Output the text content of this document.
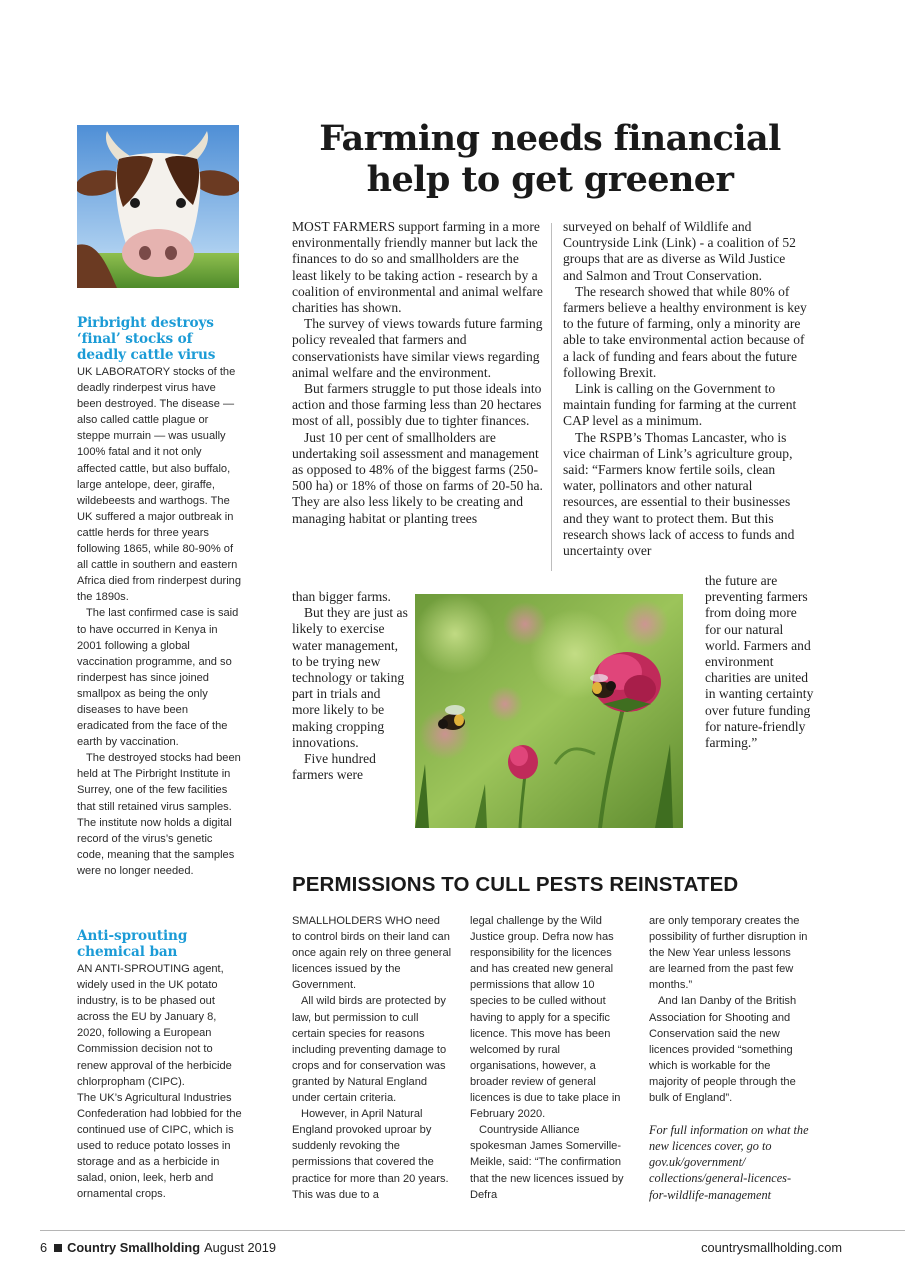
Pirbright destroys ‘final’ stocks of deadly cattle virus

UK LABORATORY stocks of the deadly rinderpest virus have been destroyed. The disease — also called cattle plague or steppe murrain — was usually 100% fatal and it not only affected cattle, but also buffalo, large antelope, deer, giraffe, wildebeests and warthogs. The UK suffered a major outbreak in cattle herds for three years following 1865, while 80-90% of all cattle in southern and eastern Africa died from rinderpest during the 1890s.

The last confirmed case is said to have occurred in Kenya in 2001 following a global vaccination programme, and so rinderpest has since joined smallpox as being the only diseases to have been eradicated from the face of the earth by vaccination.

The destroyed stocks had been held at The Pirbright Institute in Surrey, one of the few facilities that still retained virus samples. The institute now holds a digital record of the virus’s genetic code, meaning that the samples were no longer needed.

Anti-sprouting chemical ban

AN ANTI-SPROUTING agent, widely used in the UK potato industry, is to be phased out across the EU by January 8, 2020, following a European Commission decision not to renew approval of the herbicide chlorpropham (CIPC).

The UK’s Agricultural Industries Confederation had lobbied for the continued use of CIPC, which is used to reduce potato losses in storage and as a herbicide in salad, onion, leek, herb and ornamental crops.

Farming needs financial help to get greener

MOST FARMERS support farming in a more environmentally friendly manner but lack the finances to do so and smallholders are the least likely to be taking action - research by a coalition of environmental and animal welfare charities has shown.

The survey of views towards future farming policy revealed that farmers and conservationists have similar views regarding animal welfare and the environment.

But farmers struggle to put those ideals into action and those farming less than 20 hectares most of all, possibly due to tighter finances.

Just 10 per cent of smallholders are undertaking soil assessment and management as opposed to 48% of the biggest farms (250-500 ha) or 18% of those on farms of 20-50 ha. They are also less likely to be creating and managing habitat or planting trees

than bigger farms.

But they are just as likely to exercise water management, to be trying new technology or taking part in trials and more likely to be making cropping innovations.

Five hundred farmers were

surveyed on behalf of Wildlife and Countryside Link (Link) - a coalition of 52 groups that are as diverse as Wild Justice and Salmon and Trout Conservation.

The research showed that while 80% of farmers believe a healthy environment is key to the future of farming, only a minority are able to take environmental action because of a lack of funding and fears about the future following Brexit.

Link is calling on the Government to maintain funding for farming at the current CAP level as a minimum.

The RSPB’s Thomas Lancaster, who is vice chairman of Link’s agriculture group, said: “Farmers know fertile soils, clean water, pollinators and other natural resources, are essential to their businesses and they want to protect them. But this research shows lack of access to funds and uncertainty over

the future are preventing farmers from doing more for our natural world. Farmers and environment charities are united in wanting certainty over future funding for nature-friendly farming.”

PERMISSIONS TO CULL PESTS REINSTATED

SMALLHOLDERS WHO need to control birds on their land can once again rely on three general licences issued by the Government.

All wild birds are protected by law, but permission to cull certain species for reasons including preventing damage to crops and for conservation was granted by Natural England under certain criteria.

However, in April Natural England provoked uproar by suddenly revoking the permissions that covered the practice for more than 20 years. This was due to a

legal challenge by the Wild Justice group. Defra now has responsibility for the licences and has created new general permissions that allow 10 species to be culled without having to apply for a specific licence. This move has been welcomed by rural organisations, however, a broader review of general licences is due to take place in February 2020.

Countryside Alliance spokesman James Somerville-Meikle, said: “The confirmation that the new licences issued by Defra

are only temporary creates the possibility of further disruption in the New Year unless lessons are learned from the past few months.”

And Ian Danby of the British Association for Shooting and Conservation said the new licences provided “something which is workable for the majority of people through the bulk of England”.

For full information on what the new licences cover, go to gov.uk/government/ collections/general-licences- for-wildlife-management

6 Country Smallholding August 2019	countrysmallholding.com
